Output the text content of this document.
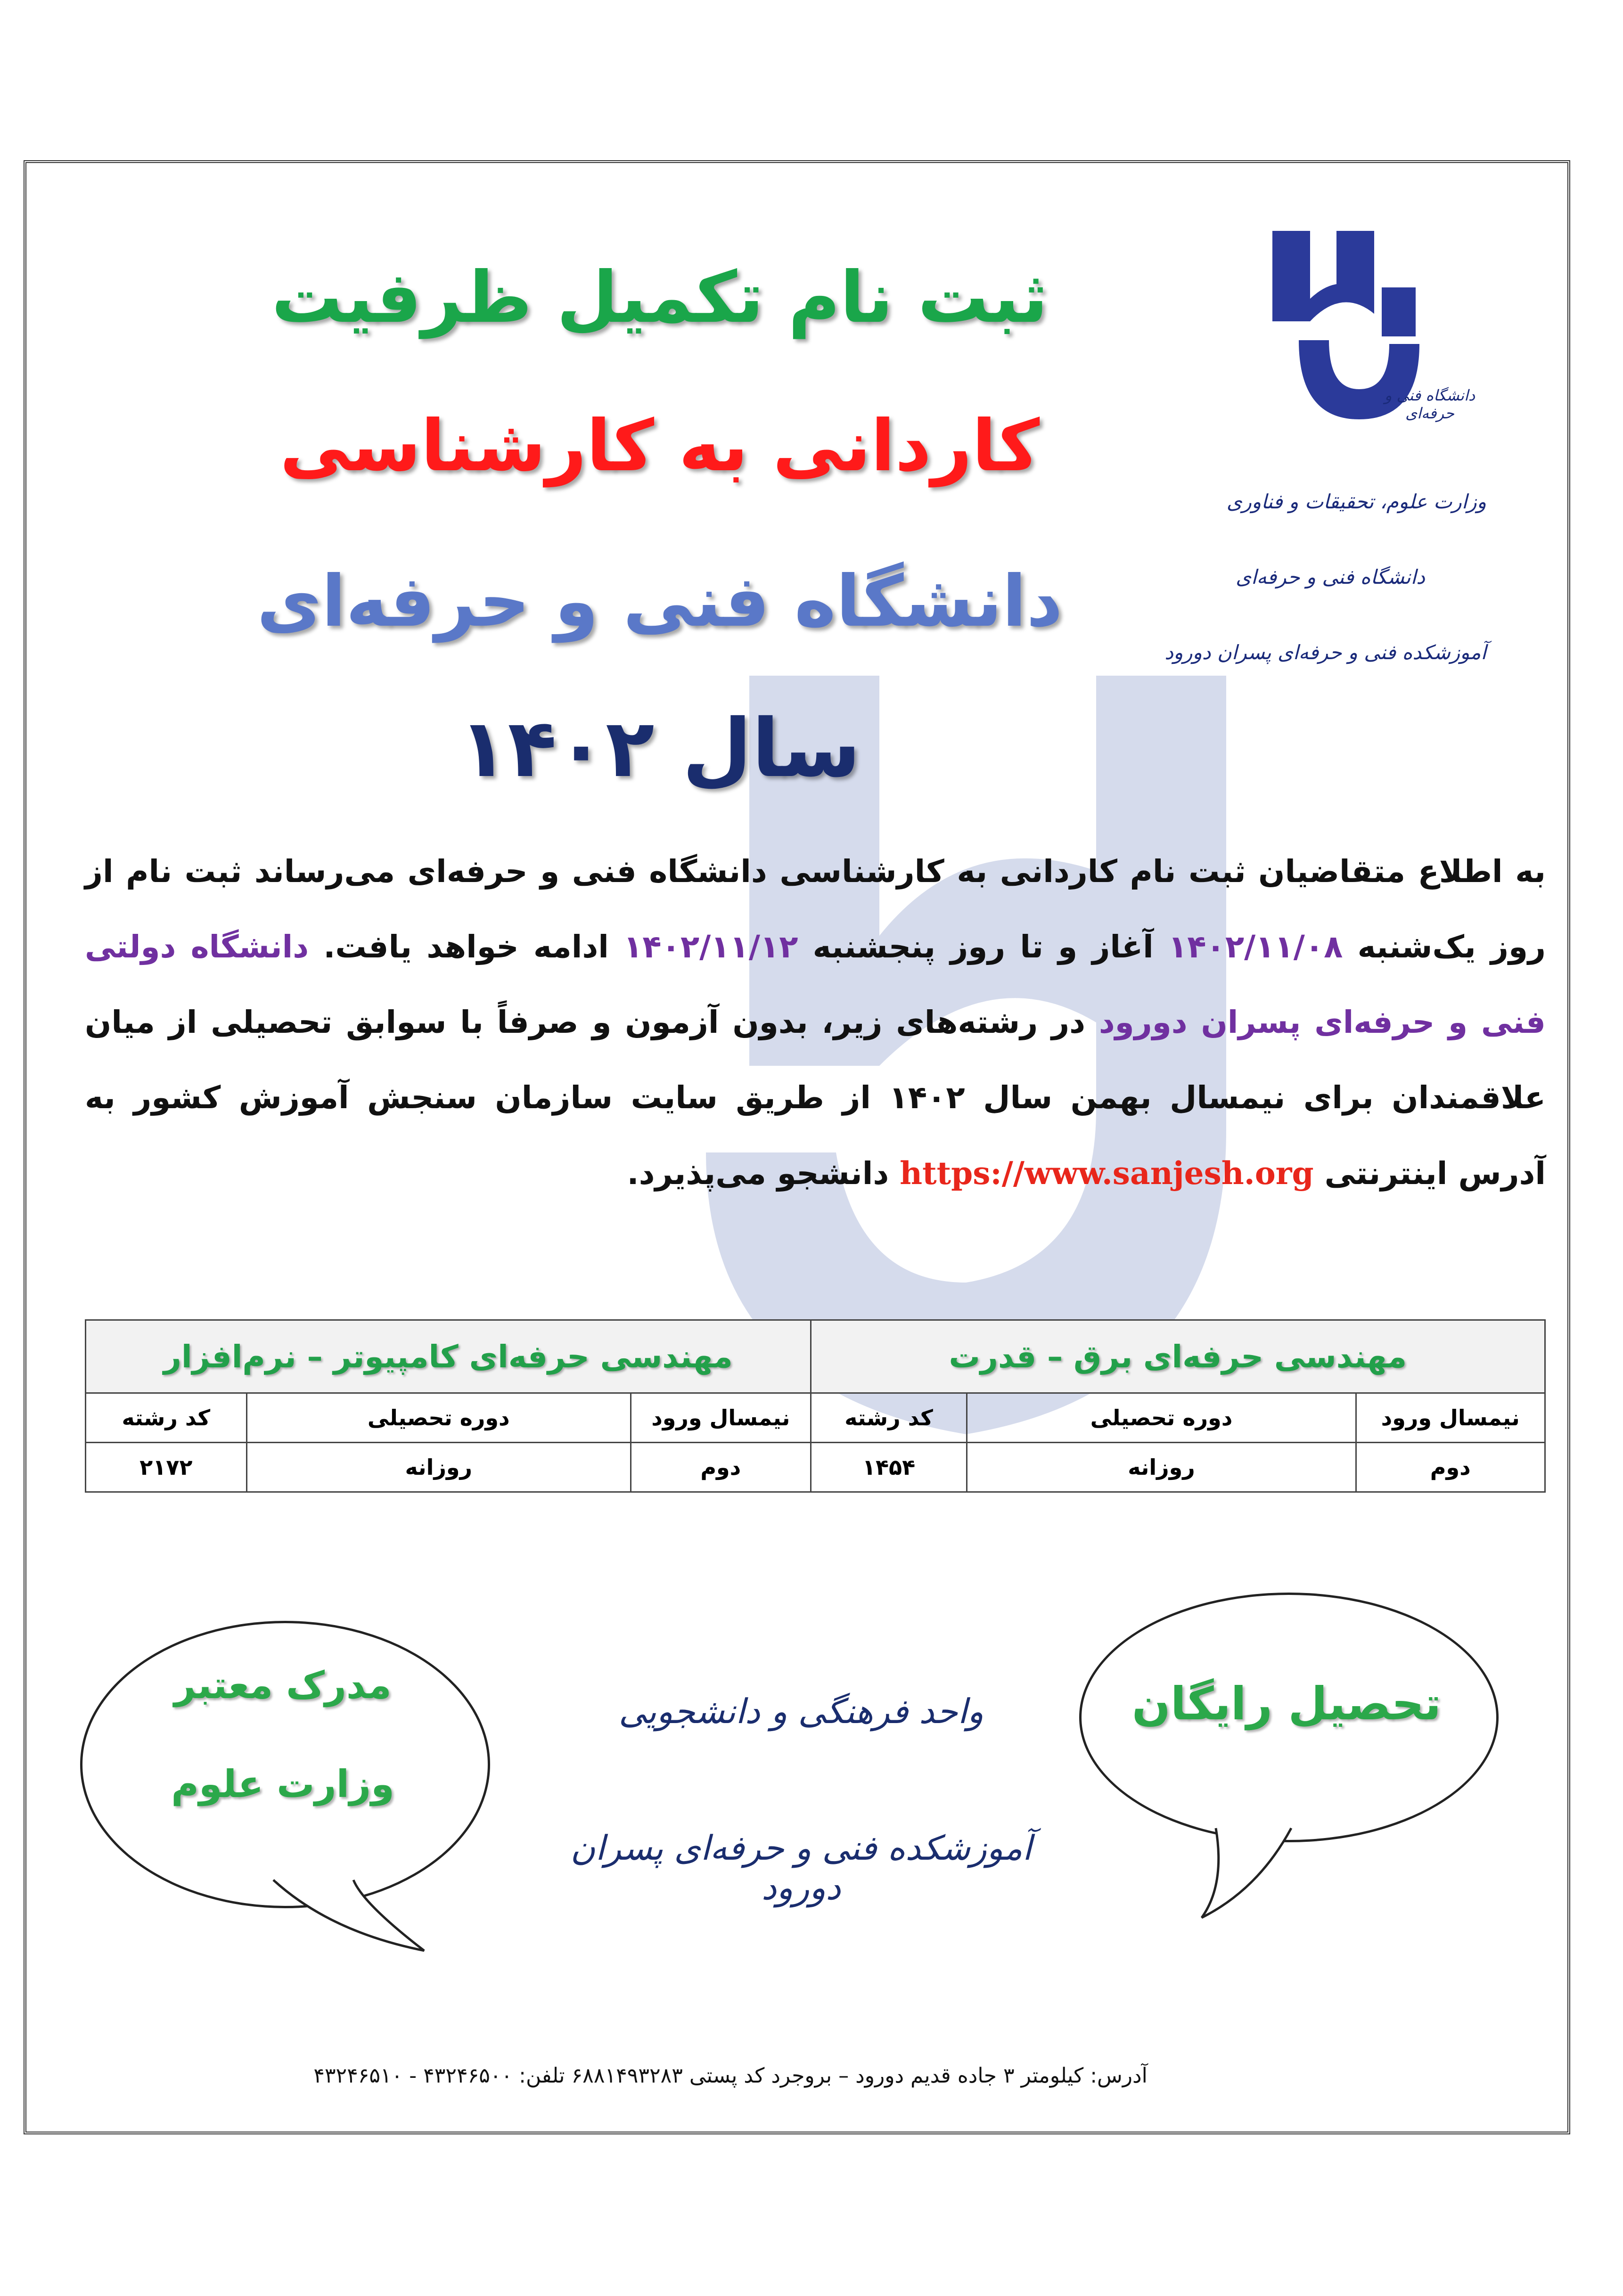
دانشگاه فنی و حرفه‌ای
وزارت علوم، تحقیقات و فناوری
دانشگاه فنی و حرفه‌ای
آموزشکده فنی و حرفه‌ای پسران دورود
ثبت نام تکمیل ظرفیت
کاردانی به کارشناسی
دانشگاه فنی و حرفه‌ای
سال ۱۴۰۲
به اطلاع متقاضیان ثبت نام کاردانی به کارشناسی دانشگاه فنی و حرفه‌ای می‌رساند ثبت نام از روز یک‌شنبه ۱۴۰۲/۱۱/۰۸ آغاز و تا روز پنجشنبه ۱۴۰۲/۱۱/۱۲ ادامه خواهد یافت. دانشگاه دولتی فنی و حرفه‌ای پسران دورود در رشته‌های زیر، بدون آزمون و صرفاً با سوابق تحصیلی از میان علاقمندان برای نیمسال بهمن سال ۱۴۰۲ از طریق سایت سازمان سنجش آموزش کشور به آدرس اینترنتی https://www.sanjesh.org دانشجو می‌پذیرد.
مهندسی حرفه‌ای برق – قدرت			مهندسی حرفه‌ای کامپیوتر – نرم‌افزار		
نیمسال ورود	دوره تحصیلی	کد رشته	نیمسال ورود	دوره تحصیلی	کد رشته
دوم	روزانه	۱۴۵۴	دوم	روزانه	۲۱۷۲
مدرک معتبر
وزارت علوم
تحصیل رایگان
واحد فرهنگی و دانشجویی
آموزشکده فنی و حرفه‌ای پسران دورود
آدرس: کیلومتر ۳ جاده قدیم دورود – بروجرد کد پستی ۶۸۸۱۴۹۳۲۸۳ تلفن: ۴۳۲۴۶۵۰۰ - ۴۳۲۴۶۵۱۰
